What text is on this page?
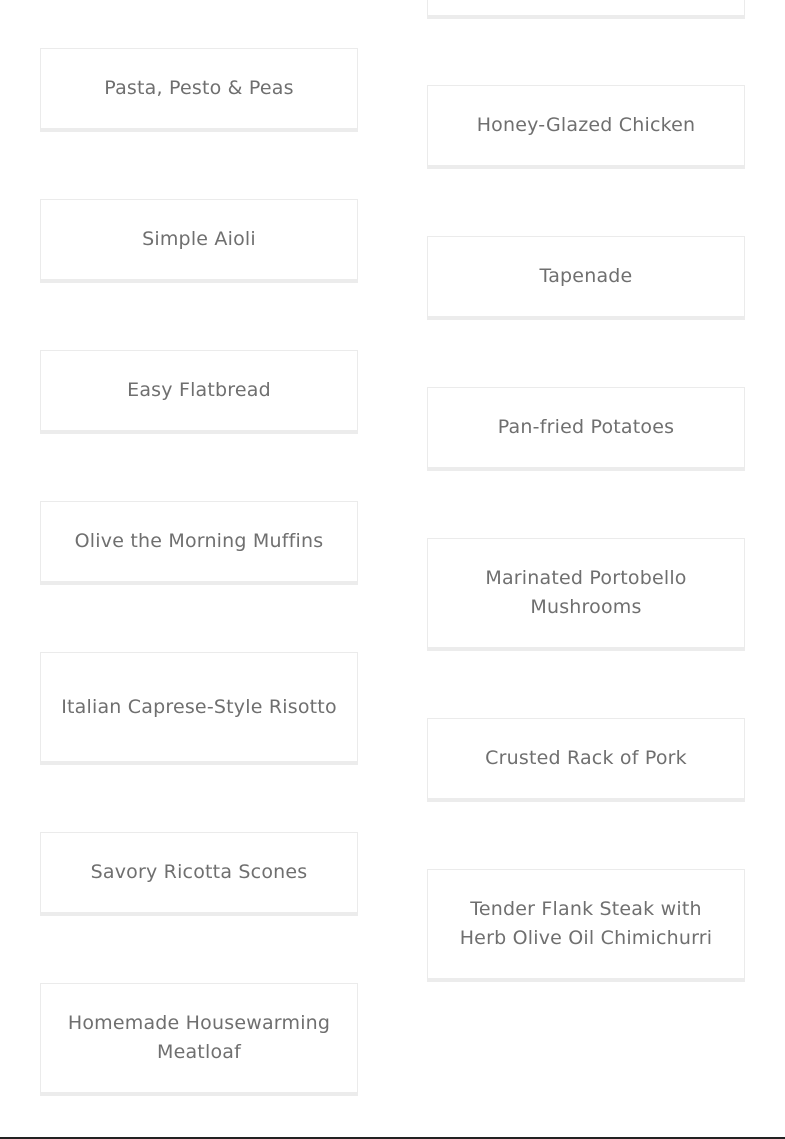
Pasta, Pesto & Peas
Simple Aioli
Easy Flatbread
Olive the Morning Muffins
Italian Caprese-Style Risotto
Savory Ricotta Scones
Homemade Housewarming Meatloaf
Honey-Glazed Chicken
Tapenade
Pan-fried Potatoes
Marinated Portobello Mushrooms
Crusted Rack of Pork
Tender Flank Steak with Herb Olive Oil Chimichurri
